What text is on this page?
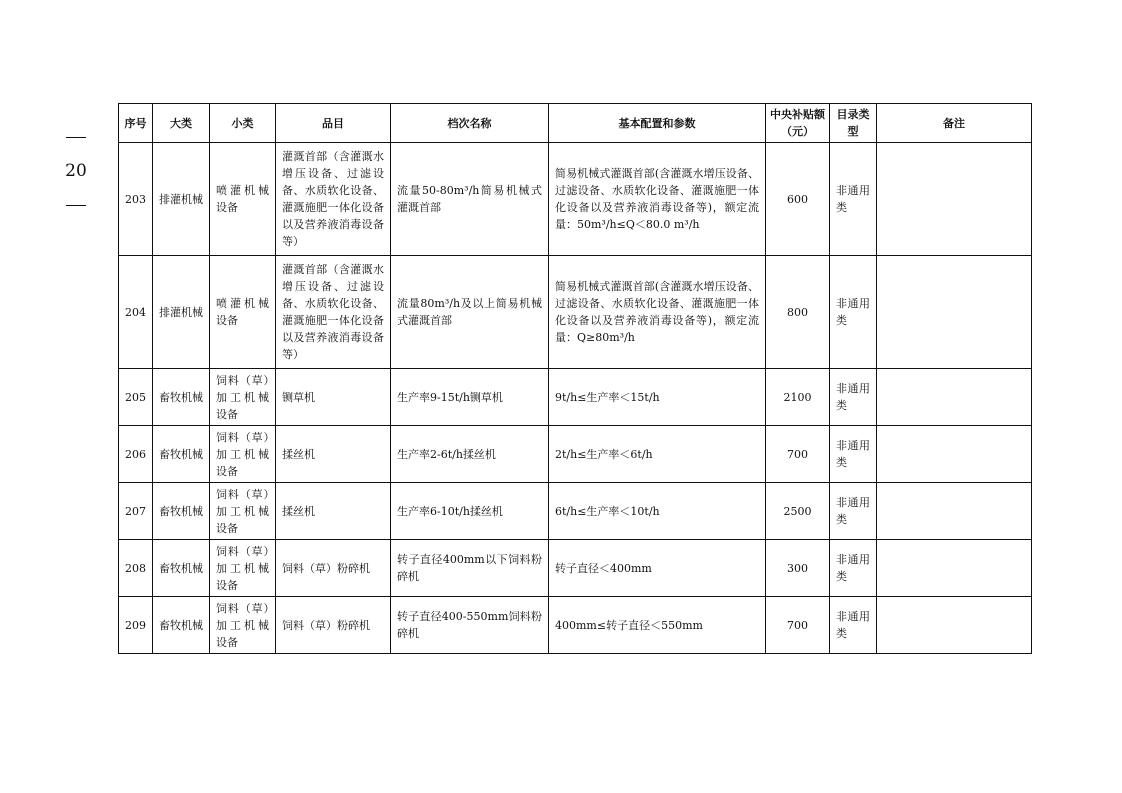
20
序号	大类	小类	品目	档次名称	基本配置和参数	中央补贴额（元）	目录类型	备注
203	排灌机械	喷灌机械设备	灌溉首部（含灌溉水增压设备、过滤设备、水质软化设备、灌溉施肥一体化设备以及营养液消毒设备等）	流量50-80m³/h简易机械式灌溉首部	简易机械式灌溉首部(含灌溉水增压设备、过滤设备、水质软化设备、灌溉施肥一体化设备以及营养液消毒设备等)，额定流量：50m³/h≤Q＜80.0 m³/h	600	非通用类	
204	排灌机械	喷灌机械设备	灌溉首部（含灌溉水增压设备、过滤设备、水质软化设备、灌溉施肥一体化设备以及营养液消毒设备等）	流量80m³/h及以上简易机械式灌溉首部	简易机械式灌溉首部(含灌溉水增压设备、过滤设备、水质软化设备、灌溉施肥一体化设备以及营养液消毒设备等)，额定流量：Q≥80m³/h	800	非通用类	
205	畜牧机械	饲料（草）加工机械设备	铡草机	生产率9-15t/h铡草机	9t/h≤生产率＜15t/h	2100	非通用类	
206	畜牧机械	饲料（草）加工机械设备	揉丝机	生产率2-6t/h揉丝机	2t/h≤生产率＜6t/h	700	非通用类	
207	畜牧机械	饲料（草）加工机械设备	揉丝机	生产率6-10t/h揉丝机	6t/h≤生产率＜10t/h	2500	非通用类	
208	畜牧机械	饲料（草）加工机械设备	饲料（草）粉碎机	转子直径400mm以下饲料粉碎机	转子直径＜400mm	300	非通用类	
209	畜牧机械	饲料（草）加工机械设备	饲料（草）粉碎机	转子直径400-550mm饲料粉碎机	400mm≤转子直径＜550mm	700	非通用类	
